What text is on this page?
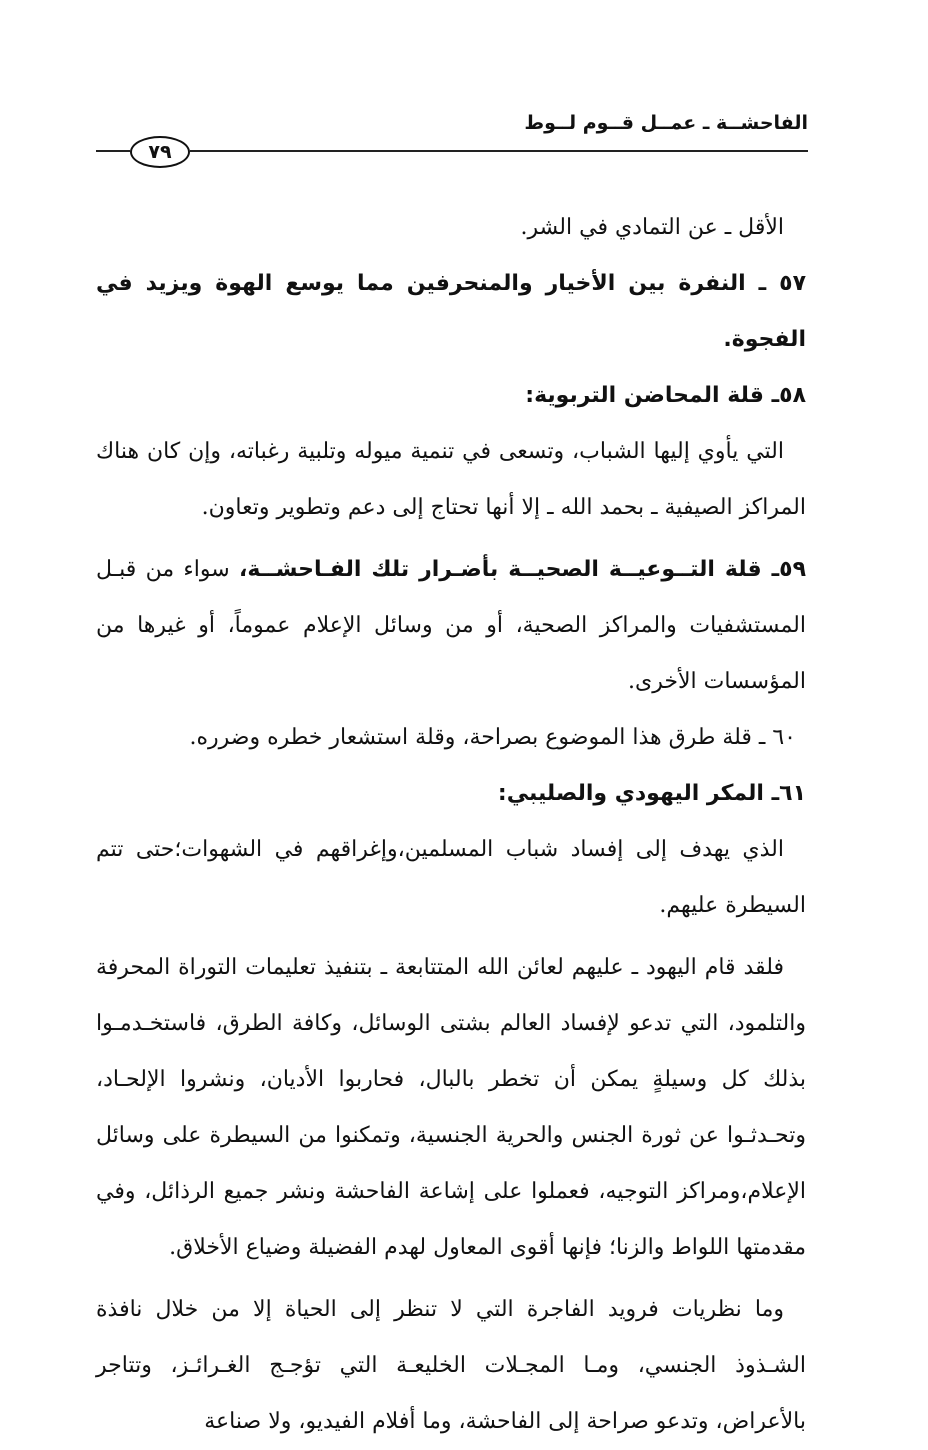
الفاحشــة ـ عمــل قــوم لــوط
٧٩

الأقل ـ عن التمادي في الشر.

٥٧ ـ النفرة بين الأخيار والمنحرفين مما يوسع الهوة ويزيد في الفجوة.

٥٨ـ قلة المحاضن التربوية:

التي يأوي إليها الشباب، وتسعى في تنمية ميوله وتلبية رغباته، وإن كان هناك المراكز الصيفية ـ بحمد الله ـ إلا أنها تحتاج إلى دعم وتطوير وتعاون.

٥٩ـ قلة التــوعيــة الصحيــة بأضـرار تلك الفـاحشــة، سواء من قبـل المستشفيات والمراكز الصحية، أو من وسائل الإعلام عموماً، أو غيرها من المؤسسات الأخرى.

٦٠ ـ قلة طرق هذا الموضوع بصراحة، وقلة استشعار خطره وضرره.

٦١ـ المكر اليهودي والصليبي:

الذي يهدف إلى إفساد شباب المسلمين،وإغراقهم في الشهوات؛حتى تتم السيطرة عليهم.

فلقد قام اليهود ـ عليهم لعائن الله المتتابعة ـ بتنفيذ تعليمات التوراة المحرفة والتلمود، التي تدعو لإفساد العالم بشتى الوسائل، وكافة الطرق، فاستخـدمـوا بذلك كل وسيلةٍ يمكن أن تخطر بالبال، فحاربوا الأديان، ونشروا الإلحـاد، وتحـدثـوا عن ثورة الجنس والحرية الجنسية، وتمكنوا من السيطرة على وسائل الإعلام،ومراكز التوجيه، فعملوا على إشاعة الفاحشة ونشر جميع الرذائل، وفي مقدمتها اللواط والزنا؛ فإنها أقوى المعاول لهدم الفضيلة وضياع الأخلاق.

وما نظريات فرويد الفاجرة التي لا تنظر إلى الحياة إلا من خلال نافذة الشـذوذ الجنسي، ومـا المجـلات الخليعـة التي تؤجـج الغـرائـز، وتتاجر بالأعراض، وتدعو صراحة إلى الفاحشة، وما أفلام الفيديو، ولا صناعة
